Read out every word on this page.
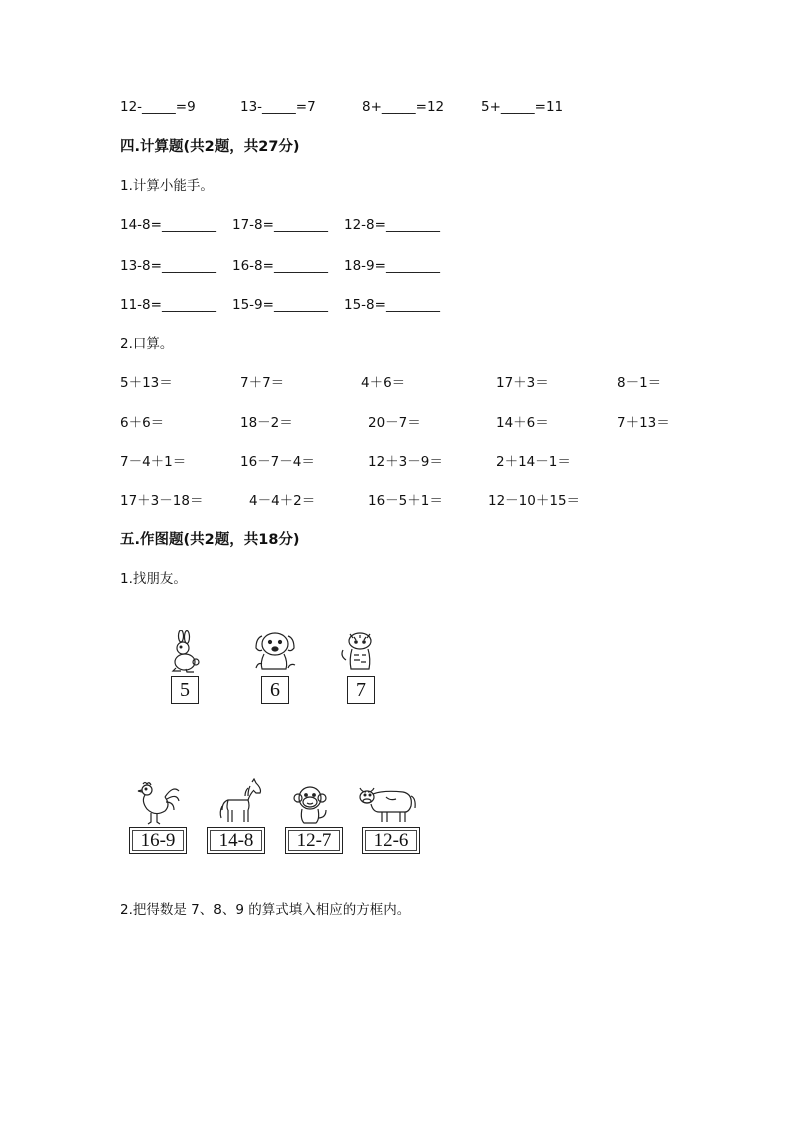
12-_____=9	13-_____=7	8+_____=12	5+_____=11
四.计算题(共2题，共27分)
1.计算小能手。
14-8=________ 17-8=________ 12-8=________
13-8=________ 16-8=________ 18-9=________
11-8=________ 15-9=________ 15-8=________
2.口算。
5＋13＝	7＋7＝	4＋6＝	17＋3＝	8－1＝
6＋6＝	18－2＝	20－7＝	14＋6＝	7＋13＝
7－4＋1＝	16－7－4＝	12＋3－9＝	2＋14－1＝
17＋3－18＝	4－4＋2＝	16－5＋1＝	12－10＋15＝
五.作图题(共2题，共18分)
1.找朋友。
5	6	7
16-9	14-8	12-7	12-6
2.把得数是 7、8、9 的算式填入相应的方框内。
